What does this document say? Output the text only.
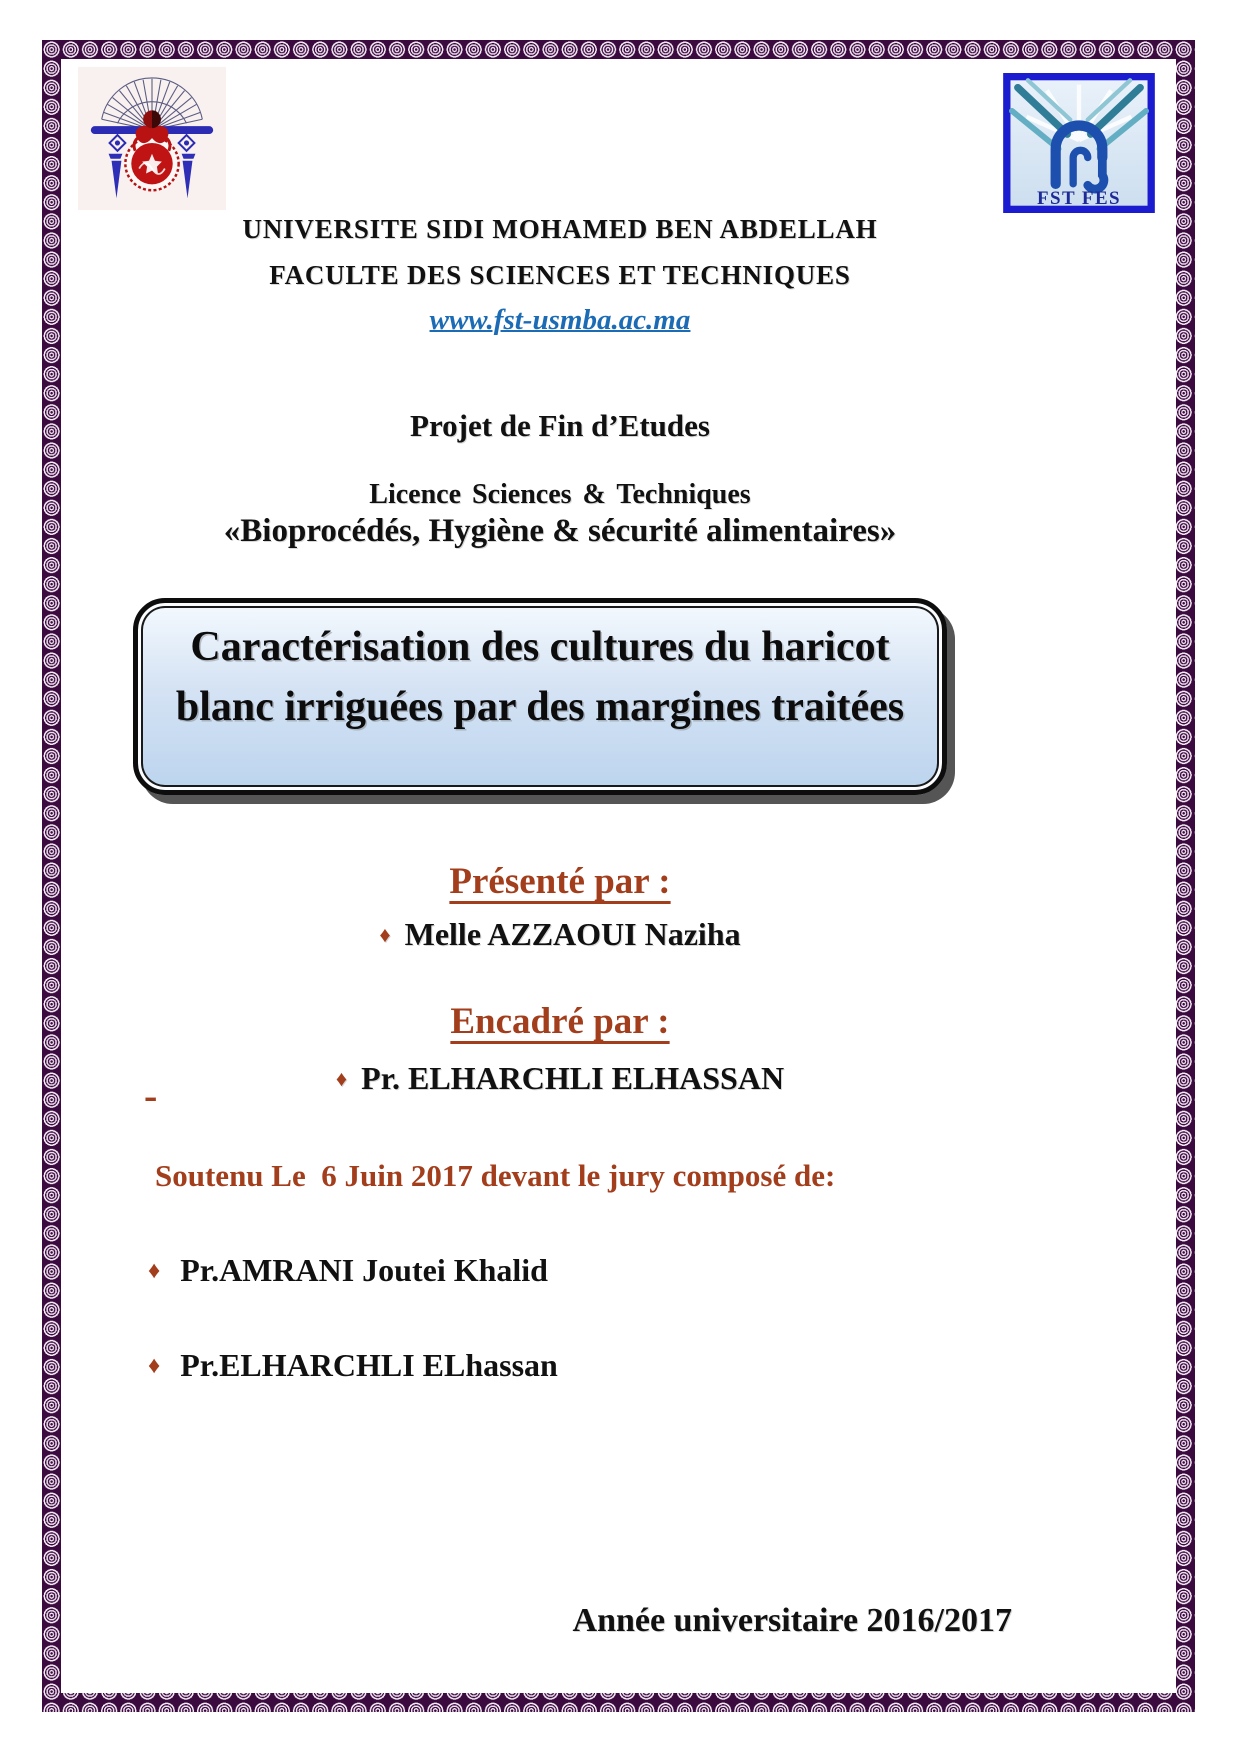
FST FES
UNIVERSITE SIDI MOHAMED BEN ABDELLAH
FACULTE DES SCIENCES ET TECHNIQUES
www.fst-usmba.ac.ma
Projet de Fin d’Etudes
Licence Sciences & Techniques
«Bioprocédés, Hygiène & sécurité alimentaires»
Caractérisation des cultures du haricot
blanc irriguées par des margines traitées
Présenté par :
♦ Melle AZZAOUI Naziha
Encadré par :
♦ Pr. ELHARCHLI ELHASSAN
-
Soutenu Le  6 Juin 2017 devant le jury composé de:
♦ Pr.AMRANI Joutei Khalid
♦ Pr.ELHARCHLI ELhassan
Année universitaire 2016/2017
